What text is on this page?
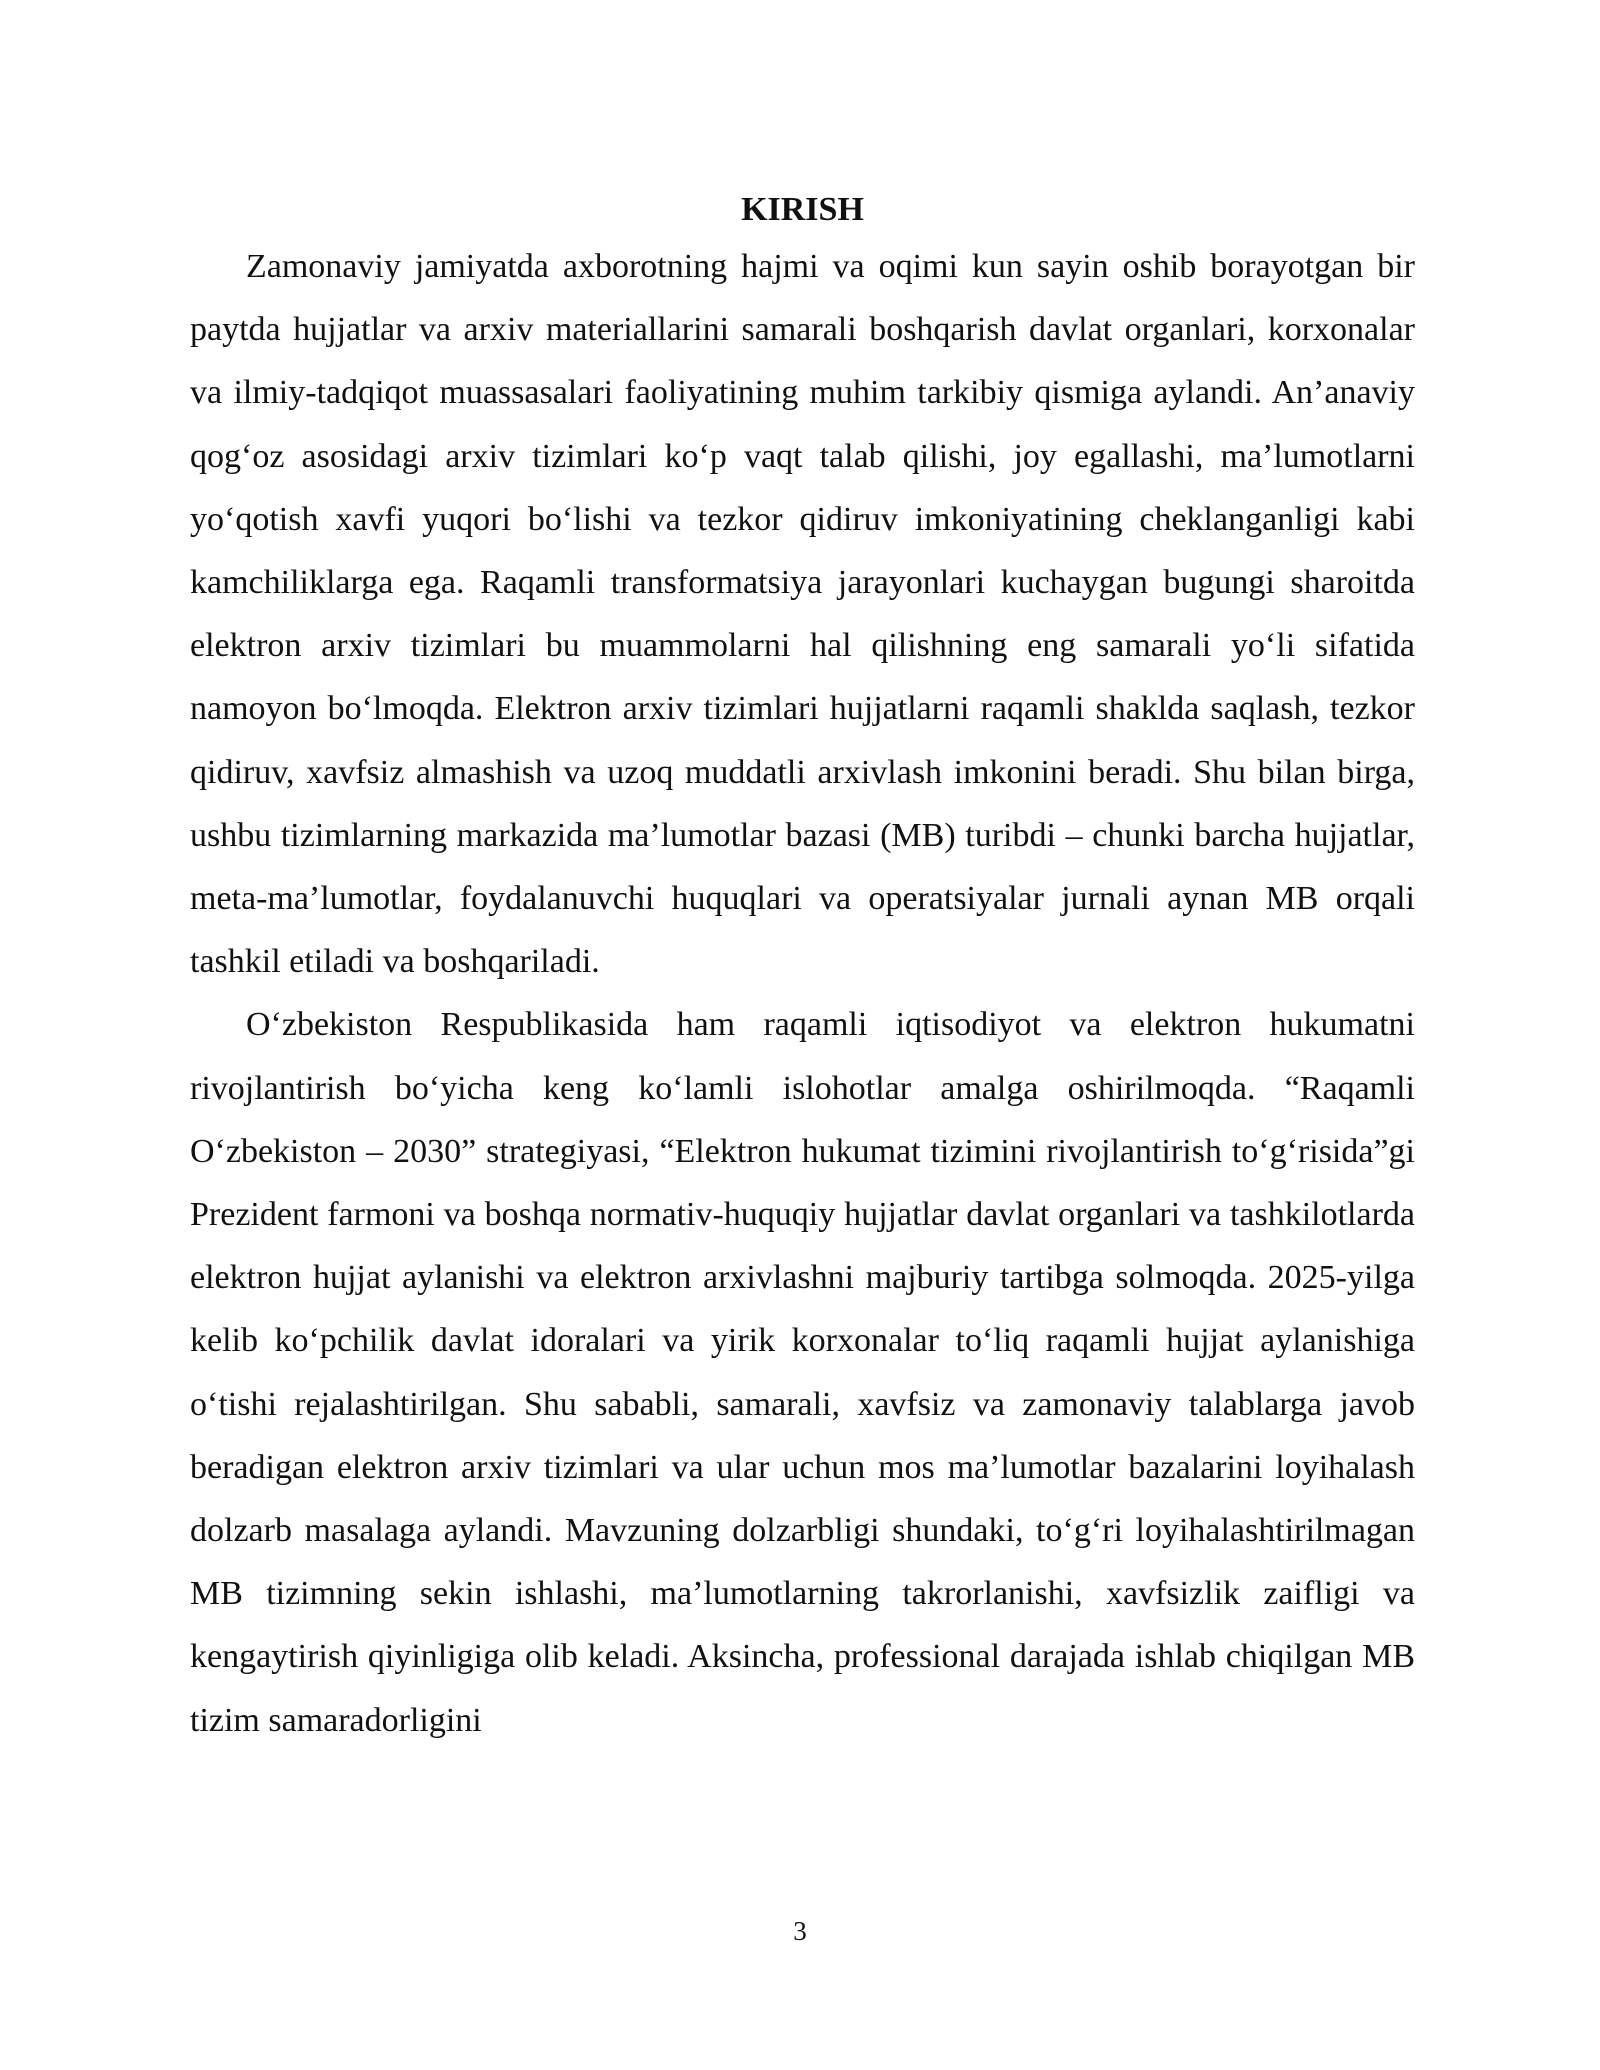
KIRISH

Zamonaviy jamiyatda axborotning hajmi va oqimi kun sayin oshib borayotgan bir paytda hujjatlar va arxiv materiallarini samarali boshqarish davlat organlari, korxonalar va ilmiy-tadqiqot muassasalari faoliyatining muhim tarkibiy qismiga aylandi. An’anaviy qog‘oz asosidagi arxiv tizimlari ko‘p vaqt talab qilishi, joy egallashi, ma’lumotlarni yo‘qotish xavfi yuqori bo‘lishi va tezkor qidiruv imkoniyatining cheklanganligi kabi kamchiliklarga ega. Raqamli transformatsiya jarayonlari kuchaygan bugungi sharoitda elektron arxiv tizimlari bu muammolarni hal qilishning eng samarali yo‘li sifatida namoyon bo‘lmoqda. Elektron arxiv tizimlari hujjatlarni raqamli shaklda saqlash, tezkor qidiruv, xavfsiz almashish va uzoq muddatli arxivlash imkonini beradi. Shu bilan birga, ushbu tizimlarning markazida ma’lumotlar bazasi (MB) turibdi – chunki barcha hujjatlar, meta-ma’lumotlar, foydalanuvchi huquqlari va operatsiyalar jurnali aynan MB orqali tashkil etiladi va boshqariladi.

O‘zbekiston Respublikasida ham raqamli iqtisodiyot va elektron hukumatni rivojlantirish bo‘yicha keng ko‘lamli islohotlar amalga oshirilmoqda. “Raqamli O‘zbekiston – 2030” strategiyasi, “Elektron hukumat tizimini rivojlantirish to‘g‘risida”gi Prezident farmoni va boshqa normativ-huquqiy hujjatlar davlat organlari va tashkilotlarda elektron hujjat aylanishi va elektron arxivlashni majburiy tartibga solmoqda. 2025-yilga kelib ko‘pchilik davlat idoralari va yirik korxonalar to‘liq raqamli hujjat aylanishiga o‘tishi rejalashtirilgan. Shu sababli, samarali, xavfsiz va zamonaviy talablarga javob beradigan elektron arxiv tizimlari va ular uchun mos ma’lumotlar bazalarini loyihalash dolzarb masalaga aylandi. Mavzuning dolzarbligi shundaki, to‘g‘ri loyihalashtirilmagan MB tizimning sekin ishlashi, ma’lumotlarning takrorlanishi, xavfsizlik zaifligi va kengaytirish qiyinligiga olib keladi. Aksincha, professional darajada ishlab chiqilgan MB tizim samaradorligini

3
